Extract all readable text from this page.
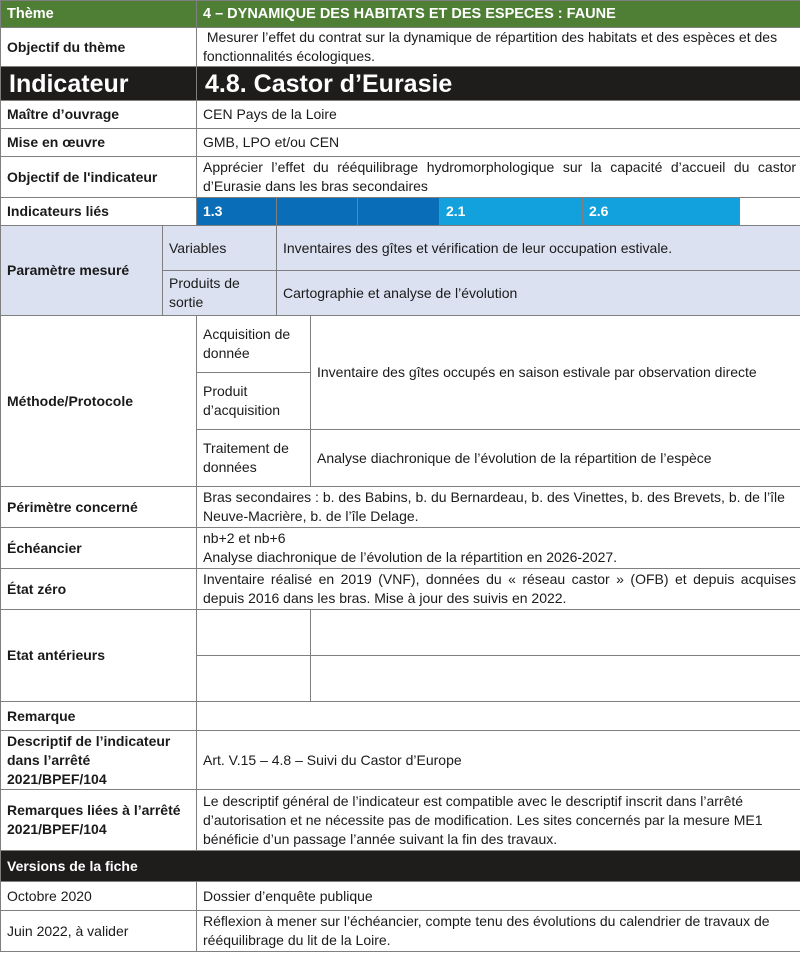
Thème		4 – DYNAMIQUE DES HABITATS ET DES ESPECES : FAUNE					
Objectif du thème		Mesurer l’effet du contrat sur la dynamique de répartition des habitats et des espèces et des fonctionnalités écologiques.					
Indicateur		4.8. Castor d’Eurasie					
Maître d’ouvrage		CEN Pays de la Loire					
Mise en œuvre		GMB, LPO et/ou CEN					
Objectif de l'indicateur		Apprécier l’effet du rééquilibrage hydromorphologique sur la capacité d’accueil du castor d’Eurasie dans les bras secondaires					
Indicateurs liés		1.3				2.1	2.6

Paramètre mesuré	Variables		Inventaires des gîtes et vérification de leur occupation estivale.				
	Produits de sortie		Cartographie et analyse de l’évolution				
Méthode/Protocole		Acquisition de donnée		Inventaire des gîtes occupés en saison estivale par observation directe			
		Produit d’acquisition					
		Traitement de données		Analyse diachronique de l’évolution de la répartition de l’espèce			
Périmètre concerné		Bras secondaires : b. des Babins, b. du Bernardeau, b. des Vinettes, b. des Brevets, b. de l’île Neuve-Macrière, b. de l’île Delage.					
Échéancier		nb+2 et nb+6
Analyse diachronique de l’évolution de la répartition en 2026-2027.					

État zéro		Inventaire réalisé en 2019 (VNF), données du « réseau castor » (OFB) et depuis acquises depuis 2016 dans les bras. Mise à jour des suivis en 2022.					
Etat antérieurs							

Remarque							
Descriptif de l’indicateur dans l’arrêté 2021/BPEF/104		Art. V.15 – 4.8 – Suivi du Castor d’Europe					
Remarques liées à l’arrêté 2021/BPEF/104		Le descriptif général de l’indicateur est compatible avec le descriptif inscrit dans l’arrêté d’autorisation et ne nécessite pas de modification. Les sites concernés par la mesure ME1 bénéficie d’un passage l’année suivant la fin des travaux.					
Versions de la fiche							
Octobre 2020		Dossier d’enquête publique					
Juin 2022, à valider		Réflexion à mener sur l’échéancier, compte tenu des évolutions du calendrier de travaux de rééquilibrage du lit de la Loire.					
